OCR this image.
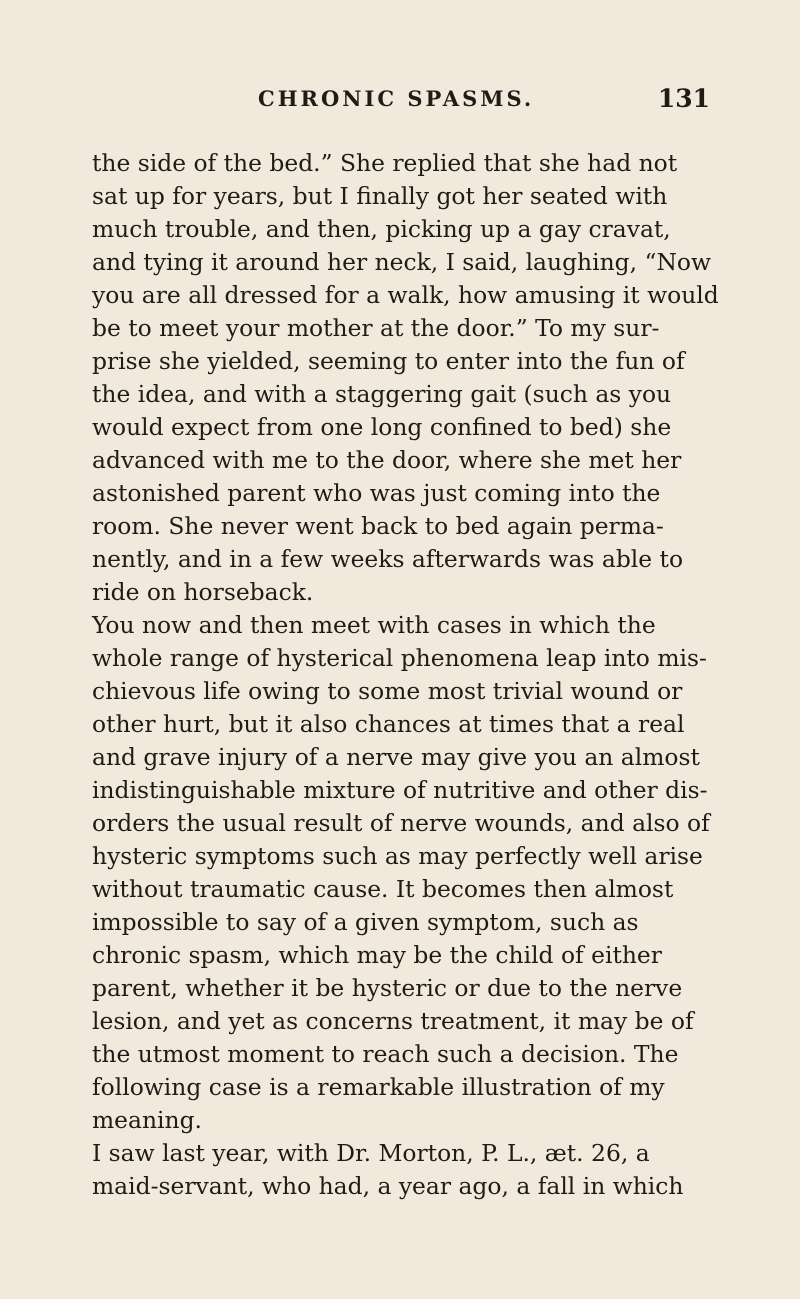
CHRONIC SPASMS.	131
the side of the bed.” She replied that she had not
sat up for years, but I finally got her seated with
much trouble, and then, picking up a gay cravat,
and tying it around her neck, I said, laughing, “Now
you are all dressed for a walk, how amusing it would
be to meet your mother at the door.” To my sur-
prise she yielded, seeming to enter into the fun of
the idea, and with a staggering gait (such as you
would expect from one long confined to bed) she
advanced with me to the door, where she met her
astonished parent who was just coming into the
room. She never went back to bed again perma-
nently, and in a few weeks afterwards was able to
ride on horseback.
You now and then meet with cases in which the
whole range of hysterical phenomena leap into mis-
chievous life owing to some most trivial wound or
other hurt, but it also chances at times that a real
and grave injury of a nerve may give you an almost
indistinguishable mixture of nutritive and other dis-
orders the usual result of nerve wounds, and also of
hysteric symptoms such as may perfectly well arise
without traumatic cause. It becomes then almost
impossible to say of a given symptom, such as
chronic spasm, which may be the child of either
parent, whether it be hysteric or due to the nerve
lesion, and yet as concerns treatment, it may be of
the utmost moment to reach such a decision. The
following case is a remarkable illustration of my
meaning.
I saw last year, with Dr. Morton, P. L., æt. 26, a
maid-servant, who had, a year ago, a fall in which
